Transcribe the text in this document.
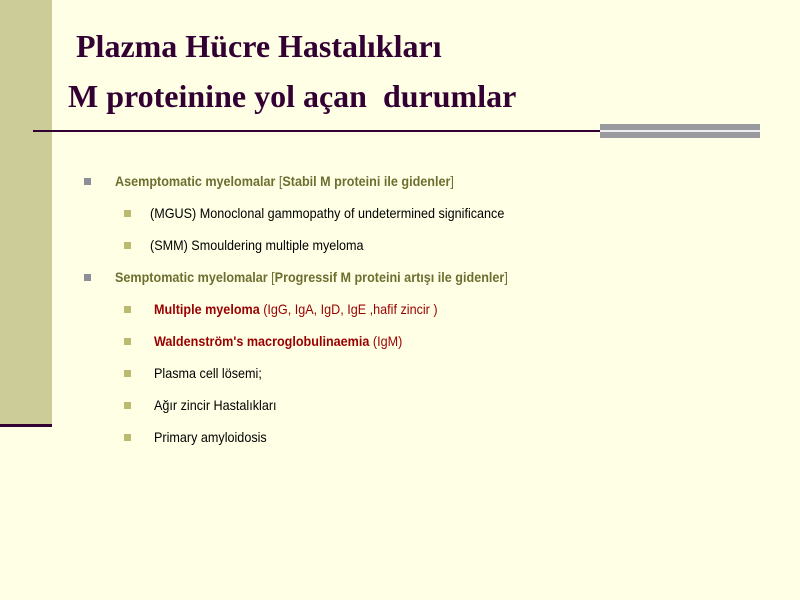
Plazma Hücre Hastalıkları
M proteinine yol açan  durumlar
Asemptomatic myelomalar [Stabil M proteini ile gidenler]
(MGUS) Monoclonal gammopathy of undetermined significance
(SMM) Smouldering multiple myeloma
Semptomatic myelomalar [Progressif M proteini artışı ile gidenler]
Multiple myeloma (IgG, IgA, IgD, IgE ,hafif zincir )
Waldenström's macroglobulinaemia (IgM)
Plasma cell lösemi;
Ağır zincir Hastalıkları
Primary amyloidosis
